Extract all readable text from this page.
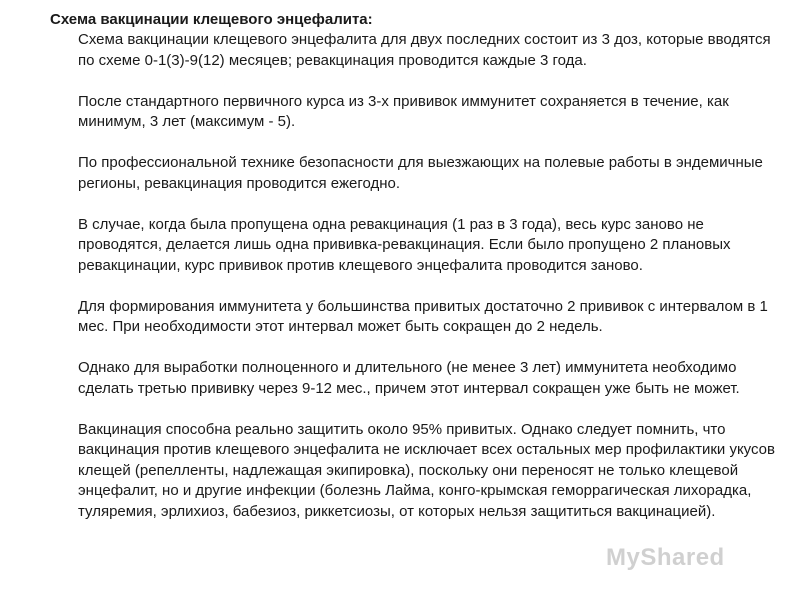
Схема вакцинации клещевого энцефалита:

Схема вакцинации клещевого энцефалита для двух последних состоит из 3 доз, которые вводятся по схеме 0-1(3)-9(12) месяцев; ревакцинация проводится каждые 3 года.

После стандартного первичного курса из 3-х прививок иммунитет сохраняется в течение, как минимум, 3 лет (максимум - 5).

По профессиональной технике безопасности для выезжающих на полевые работы в эндемичные регионы, ревакцинация проводится ежегодно.

В случае, когда была пропущена одна ревакцинация (1 раз в 3 года), весь курс заново не проводятся, делается лишь одна прививка-ревакцинация. Если было пропущено 2 плановых ревакцинации, курс прививок против клещевого энцефалита проводится заново.

Для формирования иммунитета у большинства привитых достаточно 2 прививок с интервалом в 1 мес. При необходимости этот интервал может быть сокращен до 2 недель.

Однако для выработки полноценного и длительного (не менее 3 лет) иммунитета необходимо сделать третью прививку через 9-12 мес., причем этот интервал сокращен уже быть не может.

Вакцинация способна реально защитить около 95% привитых. Однако следует помнить, что вакцинация против клещевого энцефалита не исключает всех остальных мер профилактики укусов клещей (репелленты, надлежащая экипировка), поскольку они переносят не только клещевой энцефалит, но и другие инфекции (болезнь Лайма, конго-крымская геморрагическая лихорадка, туляремия, эрлихиоз, бабезиоз, риккетсиозы, от которых нельзя защититься вакцинацией).

MyShared
